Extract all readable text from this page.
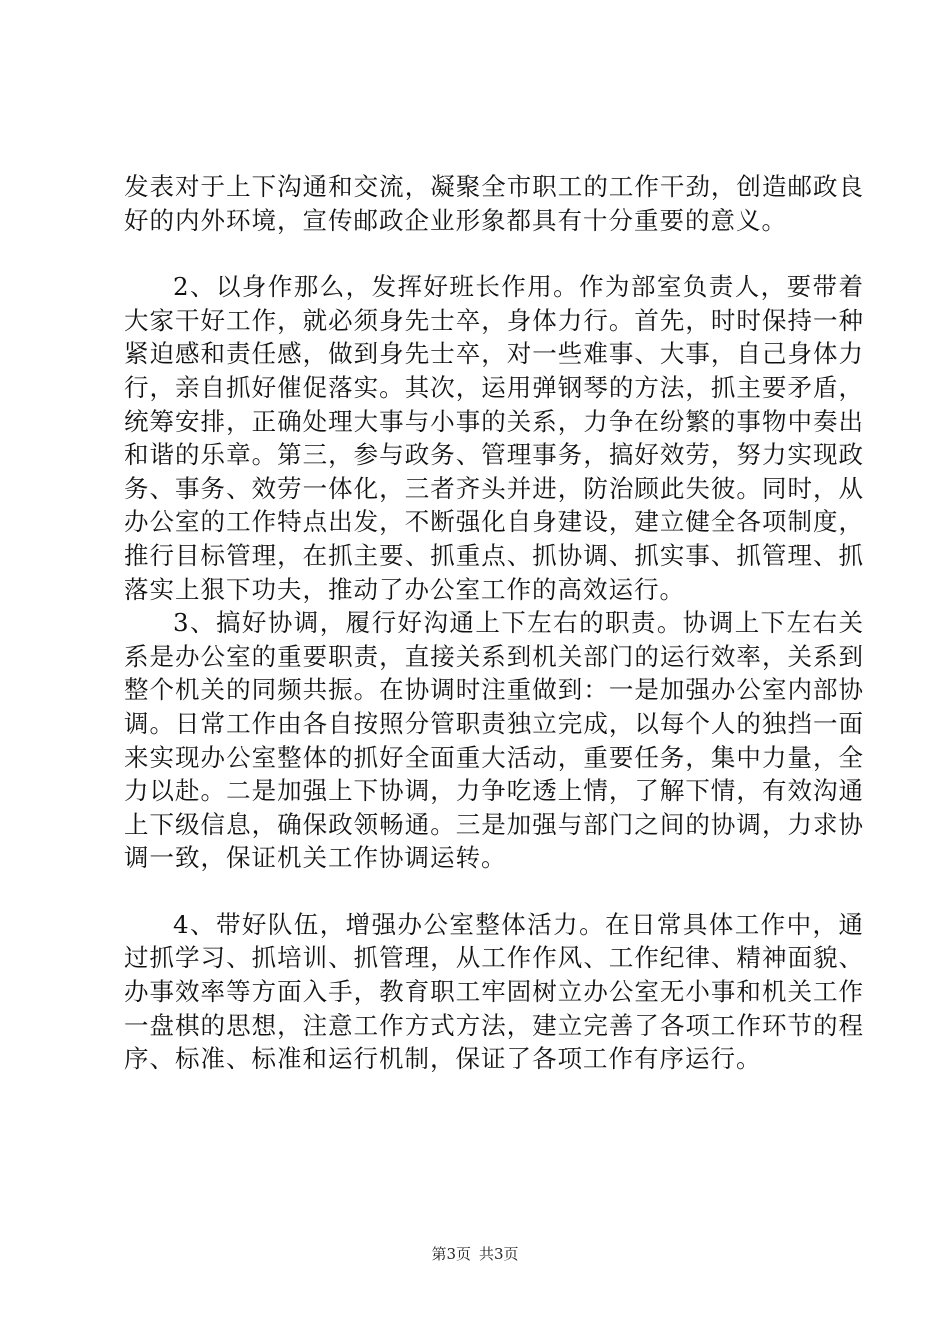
发表对于上下沟通和交流，凝聚全市职工的工作干劲，创造邮政良好的内外环境，宣传邮政企业形象都具有十分重要的意义。

2、以身作那么，发挥好班长作用。作为部室负责人，要带着大家干好工作，就必须身先士卒，身体力行。首先，时时保持一种紧迫感和责任感，做到身先士卒，对一些难事、大事，自己身体力行，亲自抓好催促落实。其次，运用弹钢琴的方法，抓主要矛盾，统筹安排，正确处理大事与小事的关系，力争在纷繁的事物中奏出和谐的乐章。第三，参与政务、管理事务，搞好效劳，努力实现政务、事务、效劳一体化，三者齐头并进，防治顾此失彼。同时，从办公室的工作特点出发，不断强化自身建设，建立健全各项制度，推行目标管理，在抓主要、抓重点、抓协调、抓实事、抓管理、抓落实上狠下功夫，推动了办公室工作的高效运行。

3、搞好协调，履行好沟通上下左右的职责。协调上下左右关系是办公室的重要职责，直接关系到机关部门的运行效率，关系到整个机关的同频共振。在协调时注重做到：一是加强办公室内部协调。日常工作由各自按照分管职责独立完成，以每个人的独挡一面来实现办公室整体的抓好全面重大活动，重要任务，集中力量，全力以赴。二是加强上下协调，力争吃透上情，了解下情，有效沟通上下级信息，确保政领畅通。三是加强与部门之间的协调，力求协调一致，保证机关工作协调运转。

4、带好队伍，增强办公室整体活力。在日常具体工作中，通过抓学习、抓培训、抓管理，从工作作风、工作纪律、精神面貌、办事效率等方面入手，教育职工牢固树立办公室无小事和机关工作一盘棋的思想，注意工作方式方法，建立完善了各项工作环节的程序、标准、标准和运行机制，保证了各项工作有序运行。

第3页 共3页
